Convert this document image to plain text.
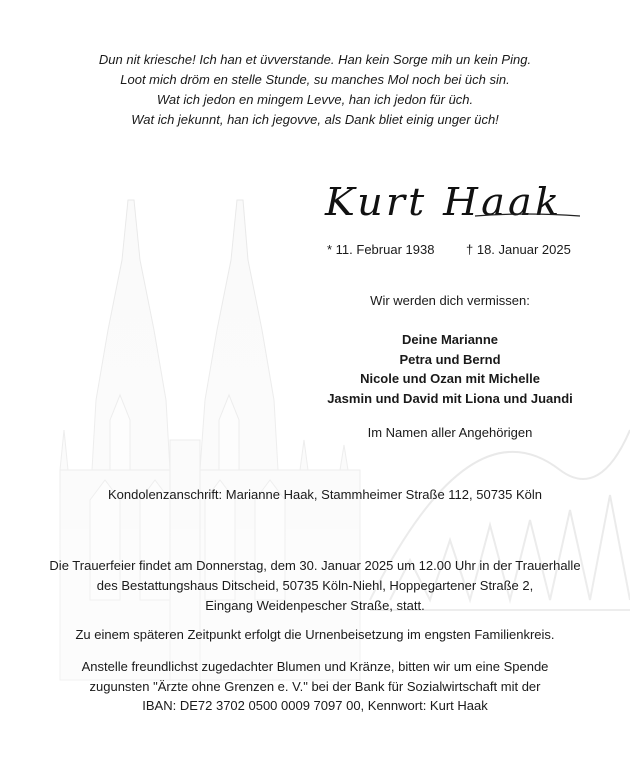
Dun nit kriesche! Ich han et üvverstande. Han kein Sorge mih un kein Ping.
Loot mich dröm en stelle Stunde, su manches Mol noch bei üch sin.
Wat ich jedon en mingem Levve, han ich jedon für üch.
Wat ich jekunnt, han ich jegovve, als Dank bliet einig unger üch!
Kurt Haak
* 11. Februar 1938 † 18. Januar 2025
Wir werden dich vermissen:
Deine Marianne
Petra und Bernd
Nicole und Ozan mit Michelle
Jasmin und David mit Liona und Juandi
Im Namen aller Angehörigen
Kondolenzanschrift: Marianne Haak, Stammheimer Straße 112, 50735 Köln
Die Trauerfeier findet am Donnerstag, dem 30. Januar 2025 um 12.00 Uhr in der Trauerhalle
des Bestattungshaus Ditscheid, 50735 Köln-Niehl, Hoppegartener Straße 2,
Eingang Weidenpescher Straße, statt.
Zu einem späteren Zeitpunkt erfolgt die Urnenbeisetzung im engsten Familienkreis.
Anstelle freundlichst zugedachter Blumen und Kränze, bitten wir um eine Spende
zugunsten "Ärzte ohne Grenzen e. V." bei der Bank für Sozialwirtschaft mit der
IBAN: DE72 3702 0500 0009 7097 00, Kennwort: Kurt Haak
